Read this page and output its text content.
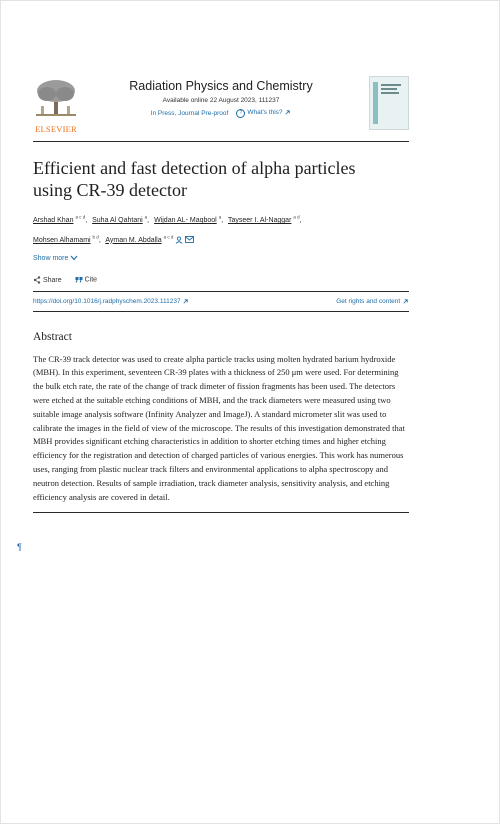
ELSEVIER
Radiation Physics and Chemistry
Available online 22 August 2023, 111237
In Press, Journal Pre-proof	? What's this?
Efficient and fast detection of alpha particles
using CR-39 detector
Arshad Khan $^{a c d}$, Suha Al Qahtani $^a$, Wijdan AL- Maqbool $^a$, Tayseer I. Al-Naggar $^{a d}$,
Mohsen Alhamami $^{b d}$, Ayman M. Abdalla $^{a c d}$
Show more
Share	Cite
https://doi.org/10.1016/j.radphyschem.2023.111237	Get rights and content
Abstract
The CR-39 track detector was used to create alpha particle tracks using molten hydrated barium hydroxide (MBH). In this experiment, seventeen CR-39 plates with a thickness of 250 μm were used. For determining the bulk etch rate, the rate of the change of track dimeter of fission fragments has been used. The detectors were etched at the suitable etching conditions of MBH, and the track diameters were measured using two suitable image analysis software (Infinity Analyzer and ImageJ). A standard micrometer slit was used to calibrate the images in the field of view of the microscope. The results of this investigation demonstrated that MBH provides significant etching characteristics in addition to shorter etching times and higher etching efficiency for the registration and detection of charged particles of various energies. This work has numerous uses, ranging from plastic nuclear track filters and environmental applications to alpha spectroscopy and neutron detection. Results of sample irradiation, track diameter analysis, sensitivity analysis, and etching efficiency analysis are covered in detail.
¶
